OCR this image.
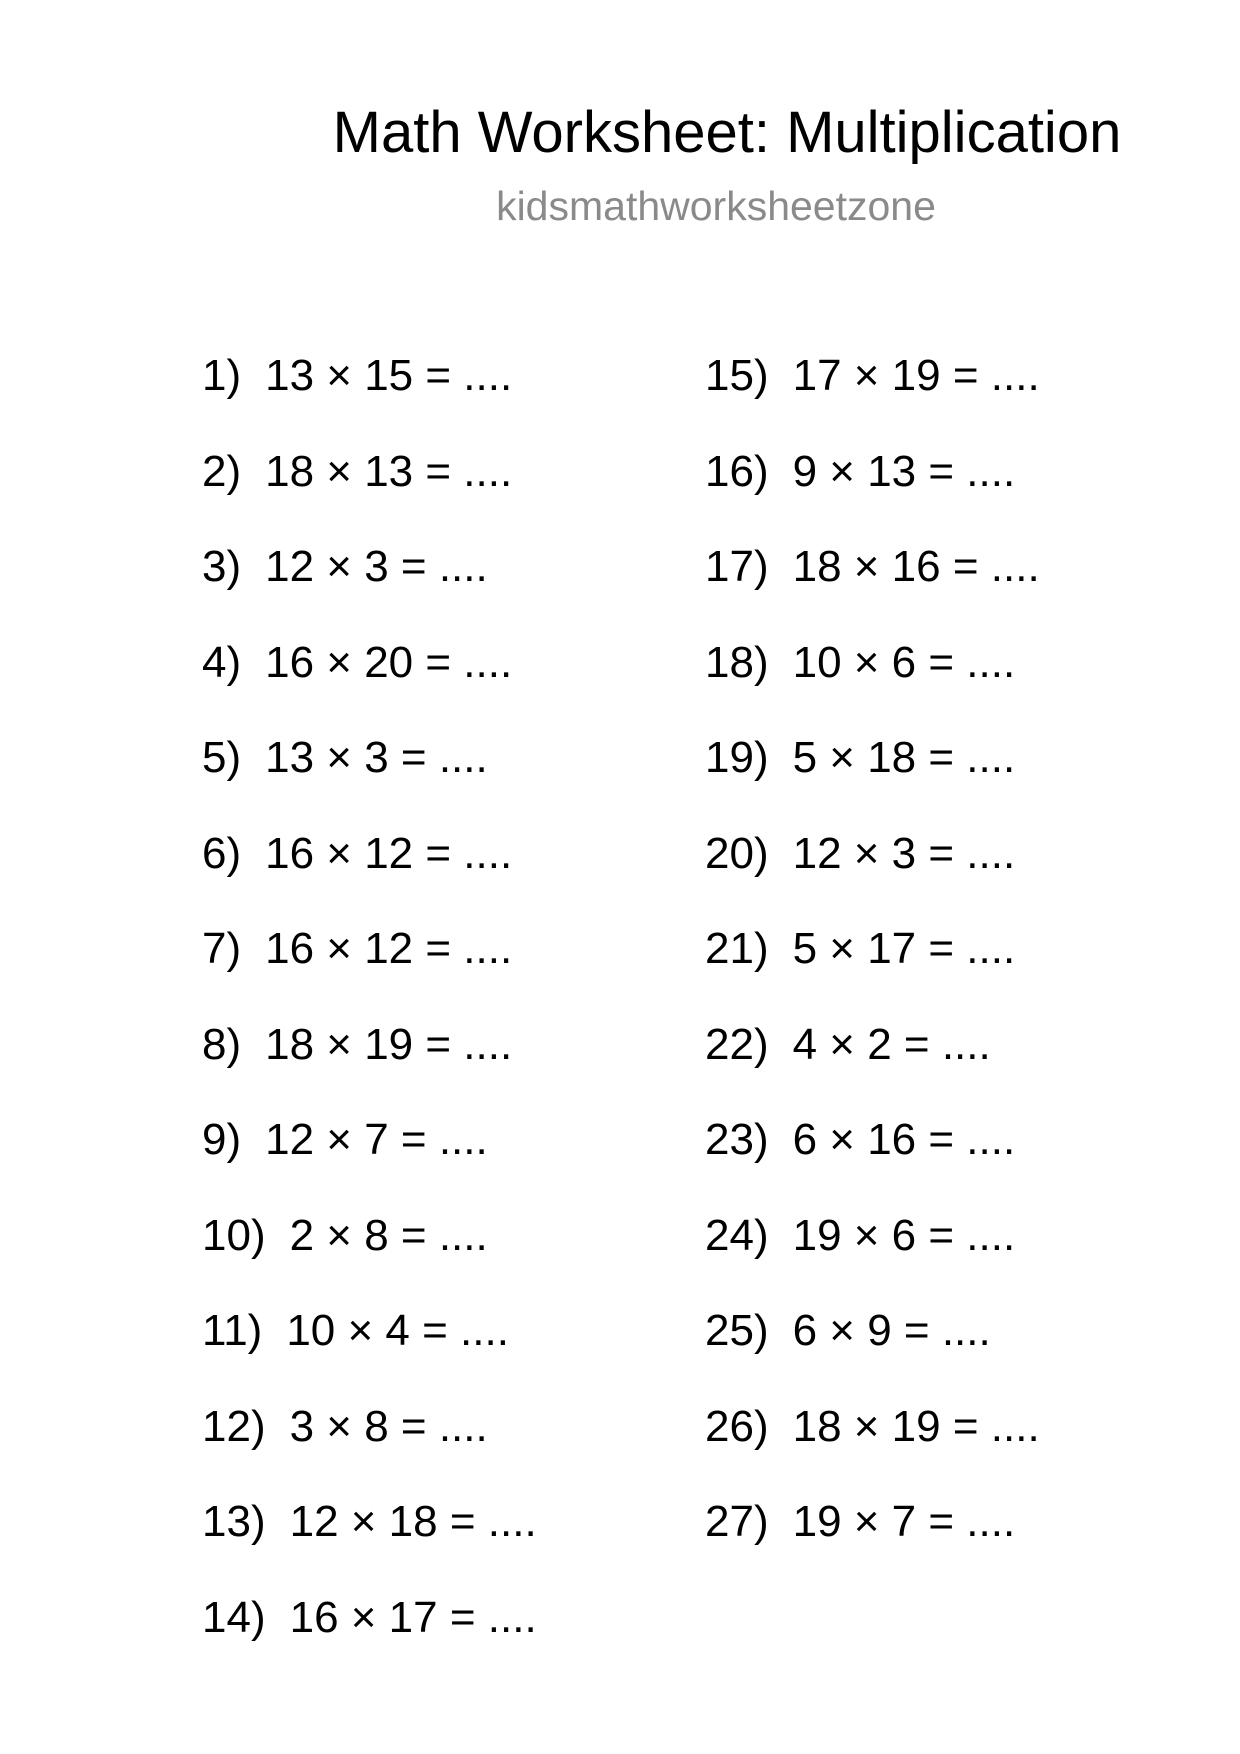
Math Worksheet: Multiplication
kidsmathworksheetzone
1) 13 × 15 = ....
2) 18 × 13 = ....
3) 12 × 3 = ....
4) 16 × 20 = ....
5) 13 × 3 = ....
6) 16 × 12 = ....
7) 16 × 12 = ....
8) 18 × 19 = ....
9) 12 × 7 = ....
10) 2 × 8 = ....
11) 10 × 4 = ....
12) 3 × 8 = ....
13) 12 × 18 = ....
14) 16 × 17 = ....
15) 17 × 19 = ....
16) 9 × 13 = ....
17) 18 × 16 = ....
18) 10 × 6 = ....
19) 5 × 18 = ....
20) 12 × 3 = ....
21) 5 × 17 = ....
22) 4 × 2 = ....
23) 6 × 16 = ....
24) 19 × 6 = ....
25) 6 × 9 = ....
26) 18 × 19 = ....
27) 19 × 7 = ....
